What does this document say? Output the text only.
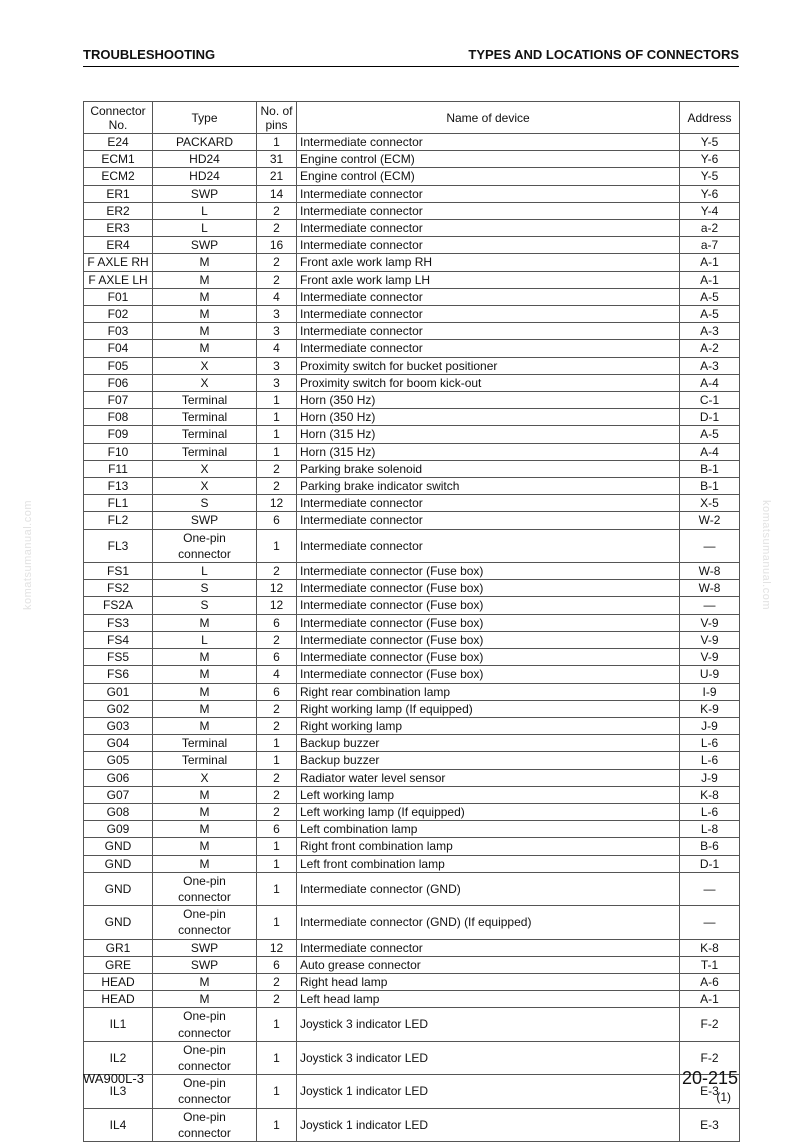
TROUBLESHOOTING	TYPES AND LOCATIONS OF CONNECTORS
Connector No.	Type	No. of pins	Name of device	Address
E24	PACKARD	1	Intermediate connector	Y-5
ECM1	HD24	31	Engine control (ECM)	Y-6
ECM2	HD24	21	Engine control (ECM)	Y-5
ER1	SWP	14	Intermediate connector	Y-6
ER2	L	2	Intermediate connector	Y-4
ER3	L	2	Intermediate connector	a-2
ER4	SWP	16	Intermediate connector	a-7
F AXLE RH	M	2	Front axle work lamp RH	A-1
F AXLE LH	M	2	Front axle work lamp LH	A-1
F01	M	4	Intermediate connector	A-5
F02	M	3	Intermediate connector	A-5
F03	M	3	Intermediate connector	A-3
F04	M	4	Intermediate connector	A-2
F05	X	3	Proximity switch for bucket positioner	A-3
F06	X	3	Proximity switch for boom kick-out	A-4
F07	Terminal	1	Horn (350 Hz)	C-1
F08	Terminal	1	Horn (350 Hz)	D-1
F09	Terminal	1	Horn (315 Hz)	A-5
F10	Terminal	1	Horn (315 Hz)	A-4
F11	X	2	Parking brake solenoid	B-1
F13	X	2	Parking brake indicator switch	B-1
FL1	S	12	Intermediate connector	X-5
FL2	SWP	6	Intermediate connector	W-2
FL3	One-pin connector	1	Intermediate connector	—
FS1	L	2	Intermediate connector (Fuse box)	W-8
FS2	S	12	Intermediate connector (Fuse box)	W-8
FS2A	S	12	Intermediate connector (Fuse box)	—
FS3	M	6	Intermediate connector (Fuse box)	V-9
FS4	L	2	Intermediate connector (Fuse box)	V-9
FS5	M	6	Intermediate connector (Fuse box)	V-9
FS6	M	4	Intermediate connector (Fuse box)	U-9
G01	M	6	Right rear combination lamp	I-9
G02	M	2	Right working lamp (If equipped)	K-9
G03	M	2	Right working lamp	J-9
G04	Terminal	1	Backup buzzer	L-6
G05	Terminal	1	Backup buzzer	L-6
G06	X	2	Radiator water level sensor	J-9
G07	M	2	Left working lamp	K-8
G08	M	2	Left working lamp (If equipped)	L-6
G09	M	6	Left combination lamp	L-8
GND	M	1	Right front combination lamp	B-6
GND	M	1	Left front combination lamp	D-1
GND	One-pin connector	1	Intermediate connector (GND)	—
GND	One-pin connector	1	Intermediate connector (GND) (If equipped)	—
GR1	SWP	12	Intermediate connector	K-8
GRE	SWP	6	Auto grease connector	T-1
HEAD	M	2	Right head lamp	A-6
HEAD	M	2	Left head lamp	A-1
IL1	One-pin connector	1	Joystick 3 indicator LED	F-2
IL2	One-pin connector	1	Joystick 3 indicator LED	F-2
IL3	One-pin connector	1	Joystick 1 indicator LED	E-3
IL4	One-pin connector	1	Joystick 1 indicator LED	E-3
komatsumanual.com	komatsumanual.com
WA900L-3	20-215
(1)
